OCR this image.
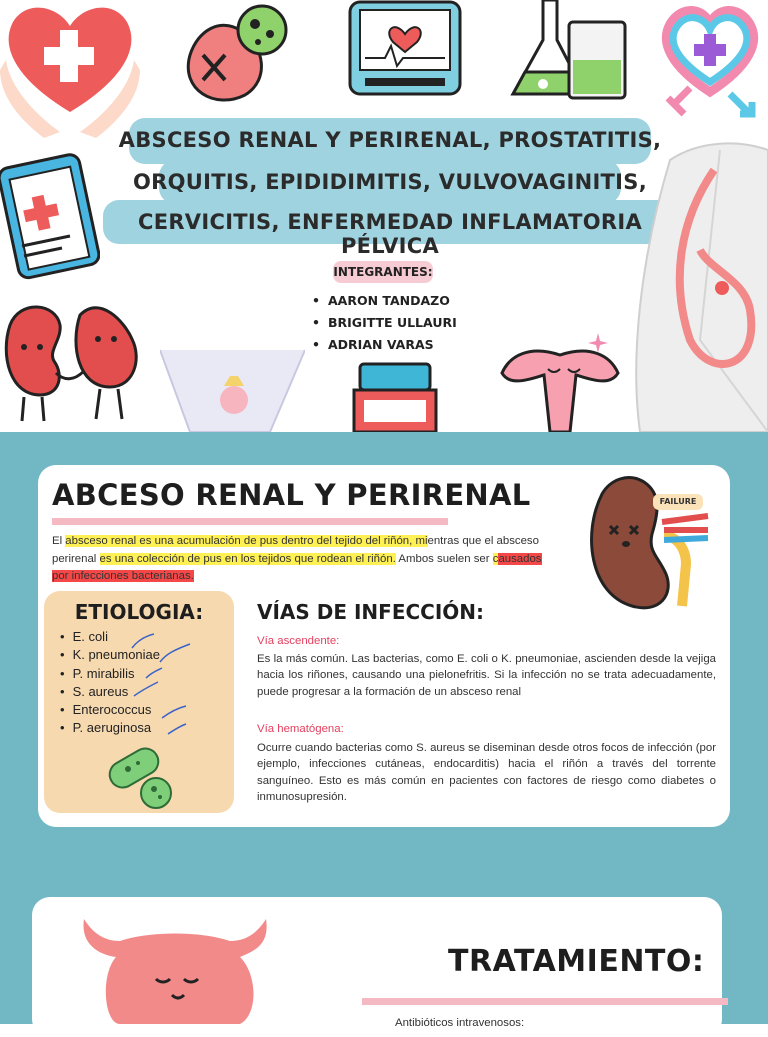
ABSCESO RENAL Y PERIRENAL, PROSTATITIS,
ORQUITIS, EPIDIDIMITIS, VULVOVAGINITIS,
CERVICITIS, ENFERMEDAD INFLAMATORIA PÉLVICA
INTEGRANTES:
• AARON TANDAZO
• BRIGITTE ULLAURI
• ADRIAN VARAS
ABCESO RENAL Y PERIRENAL
El absceso renal es una acumulación de pus dentro del tejido del riñón, mientras que el absceso perirenal es una colección de pus en los tejidos que rodean el riñón. Ambos suelen ser causados por infecciones bacterianas.
FAILURE
ETIOLOGIA:
• E. coli
• K. pneumoniae
• P. mirabilis
• S. aureus
• Enterococcus
• P. aeruginosa
VÍAS DE INFECCIÓN:
Vía ascendente:
Es la más común. Las bacterias, como E. coli o K. pneumoniae, ascienden desde la vejiga hacia los riñones, causando una pielonefritis. Si la infección no se trata adecuadamente, puede progresar a la formación de un absceso renal
Vía hematógena:
Ocurre cuando bacterias como S. aureus se diseminan desde otros focos de infección (por ejemplo, infecciones cutáneas, endocarditis) hacia el riñón a través del torrente sanguíneo. Esto es más común en pacientes con factores de riesgo como diabetes o inmunosupresión.
TRATAMIENTO:
Antibióticos intravenosos:
